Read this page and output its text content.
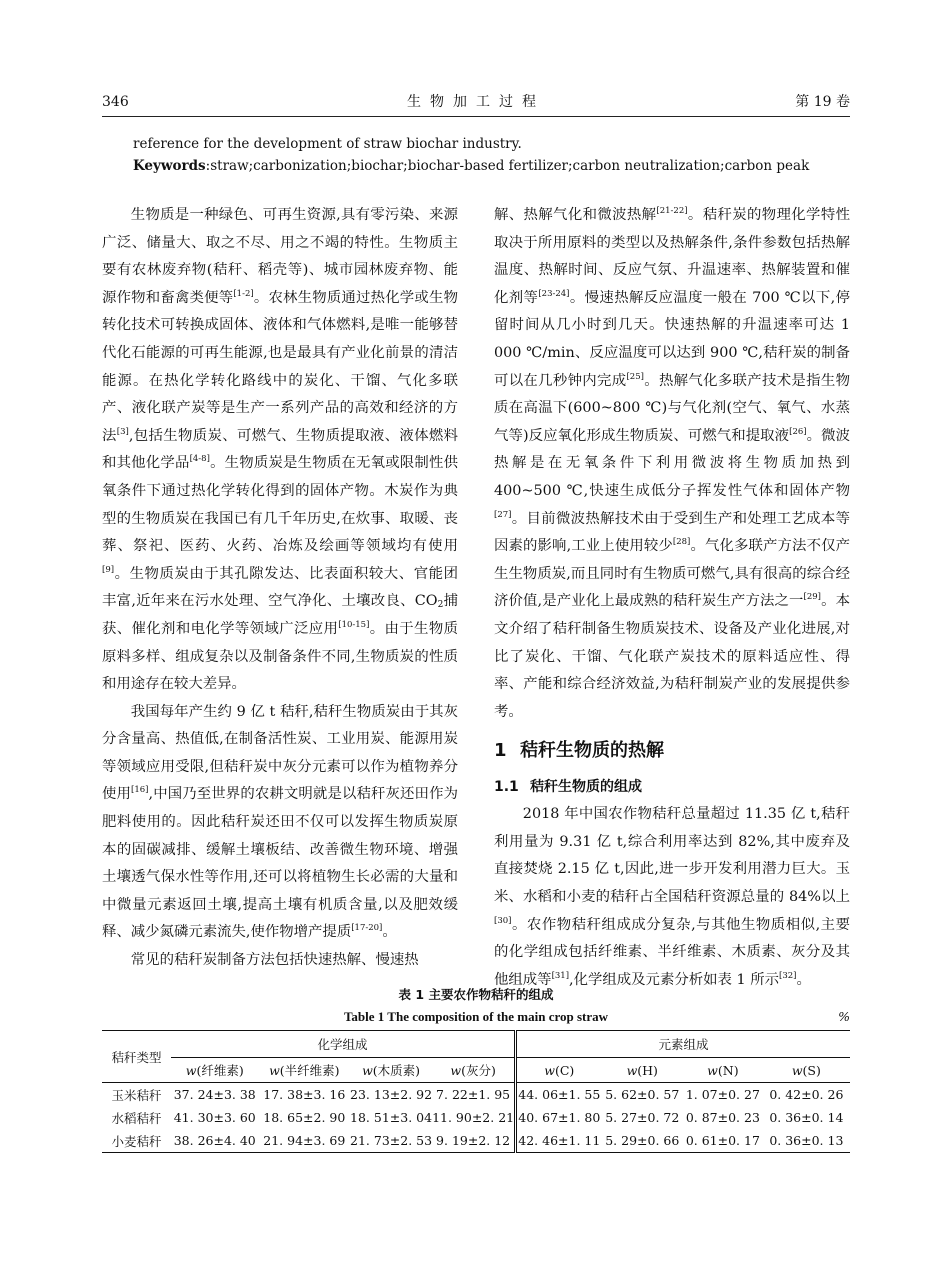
346	生物加工过程	第 19 卷
reference for the development of straw biochar industry.
Keywords:straw;carbonization;biochar;biochar-based fertilizer;carbon neutralization;carbon peak

生物质是一种绿色、可再生资源,具有零污染、来源广泛、储量大、取之不尽、用之不竭的特性。生物质主要有农林废弃物(秸秆、稻壳等)、城市园林废弃物、能源作物和畜禽类便等[1-2]。农林生物质通过热化学或生物转化技术可转换成固体、液体和气体燃料,是唯一能够替代化石能源的可再生能源,也是最具有产业化前景的清洁能源。在热化学转化路线中的炭化、干馏、气化多联产、液化联产炭等是生产一系列产品的高效和经济的方法[3],包括生物质炭、可燃气、生物质提取液、液体燃料和其他化学品[4-8]。生物质炭是生物质在无氧或限制性供氧条件下通过热化学转化得到的固体产物。木炭作为典型的生物质炭在我国已有几千年历史,在炊事、取暖、丧葬、祭祀、医药、火药、冶炼及绘画等领域均有使用[9]。生物质炭由于其孔隙发达、比表面积较大、官能团丰富,近年来在污水处理、空气净化、土壤改良、$CO_2$捕获、催化剂和电化学等领域广泛应用[10-15]。由于生物质原料多样、组成复杂以及制备条件不同,生物质炭的性质和用途存在较大差异。

我国每年产生约 9 亿 t 秸秆,秸秆生物质炭由于其灰分含量高、热值低,在制备活性炭、工业用炭、能源用炭等领域应用受限,但秸秆炭中灰分元素可以作为植物养分使用[16],中国乃至世界的农耕文明就是以秸秆灰还田作为肥料使用的。因此秸秆炭还田不仅可以发挥生物质炭原本的固碳减排、缓解土壤板结、改善微生物环境、增强土壤透气保水性等作用,还可以将植物生长必需的大量和中微量元素返回土壤,提高土壤有机质含量,以及肥效缓释、减少氮磷元素流失,使作物增产提质[17-20]。

常见的秸秆炭制备方法包括快速热解、慢速热

解、热解气化和微波热解[21-22]。秸秆炭的物理化学特性取决于所用原料的类型以及热解条件,条件参数包括热解温度、热解时间、反应气氛、升温速率、热解装置和催化剂等[23-24]。慢速热解反应温度一般在 700 ℃以下,停留时间从几小时到几天。快速热解的升温速率可达 1 000 ℃/min、反应温度可以达到 900 ℃,秸秆炭的制备可以在几秒钟内完成[25]。热解气化多联产技术是指生物质在高温下(600~800 ℃)与气化剂(空气、氧气、水蒸气等)反应氧化形成生物质炭、可燃气和提取液[26]。微波热解是在无氧条件下利用微波将生物质加热到 400~500 ℃,快速生成低分子挥发性气体和固体产物[27]。目前微波热解技术由于受到生产和处理工艺成本等因素的影响,工业上使用较少[28]。气化多联产方法不仅产生生物质炭,而且同时有生物质可燃气,具有很高的综合经济价值,是产业化上最成熟的秸秆炭生产方法之一[29]。本文介绍了秸秆制备生物质炭技术、设备及产业化进展,对比了炭化、干馏、气化联产炭技术的原料适应性、得率、产能和综合经济效益,为秸秆制炭产业的发展提供参考。

1 秸秆生物质的热解
1.1 秸秆生物质的组成

2018 年中国农作物秸秆总量超过 11.35 亿 t,秸秆利用量为 9.31 亿 t,综合利用率达到 82%,其中废弃及直接焚烧 2.15 亿 t,因此,进一步开发利用潜力巨大。玉米、水稻和小麦的秸秆占全国秸秆资源总量的 84%以上[30]。农作物秸秆组成成分复杂,与其他生物质相似,主要的化学组成包括纤维素、半纤维素、木质素、灰分及其他组成等[31],化学组成及元素分析如表 1 所示[32]。

表 1 主要农作物秸秆的组成
Table 1 The composition of the main crop straw	%
秸秆类型	化学组成				元素组成			
	w(纤维素)	w(半纤维素)	w(木质素)	w(灰分)	w(C)	w(H)	w(N)	w(S)
玉米秸秆	37. 24±3. 38	17. 38±3. 16	23. 13±2. 92	7. 22±1. 95	44. 06±1. 55	5. 62±0. 57	1. 07±0. 27	0. 42±0. 26
水稻秸秆	41. 30±3. 60	18. 65±2. 90	18. 51±3. 04	11. 90±2. 21	40. 67±1. 80	5. 27±0. 72	0. 87±0. 23	0. 36±0. 14
小麦秸秆	38. 26±4. 40	21. 94±3. 69	21. 73±2. 53	9. 19±2. 12	42. 46±1. 11	5. 29±0. 66	0. 61±0. 17	0. 36±0. 13
